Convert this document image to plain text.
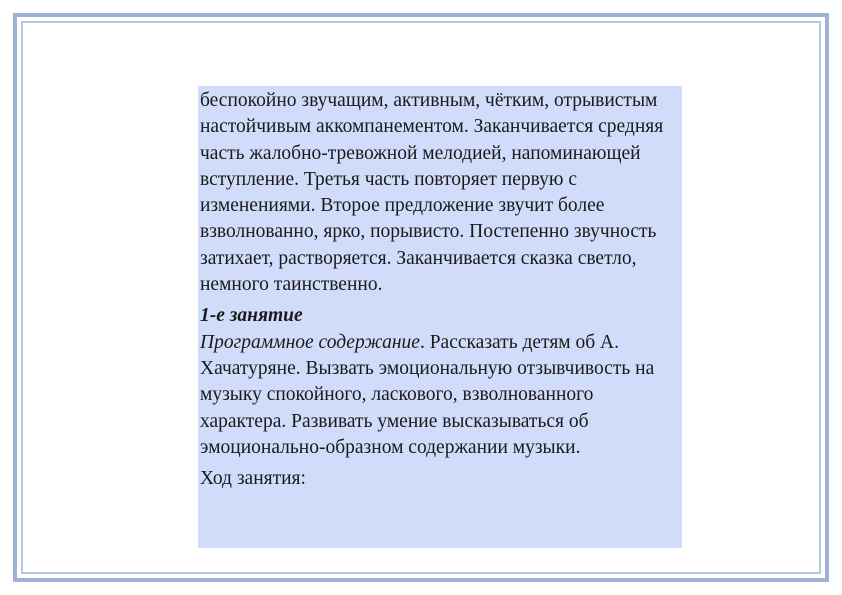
беспокойно звучащим, активным, чётким, отрывистым настойчивым аккомпанементом. Заканчивается средняя часть жалобно-тревожной мелодией, напоминающей вступление. Третья часть повторяет первую с изменениями. Второе предложение звучит более взволнованно, ярко, порывисто. Постепенно звучность затихает, растворяется. Заканчивается сказка светло, немного таинственно.

1-е занятие

Программное содержание. Рассказать детям об А. Хачатуряне. Вызвать эмоциональную отзывчивость на музыку спокойного, ласкового, взволнованного характера. Развивать умение высказываться об эмоционально-образном содержании музыки.

Ход занятия:
